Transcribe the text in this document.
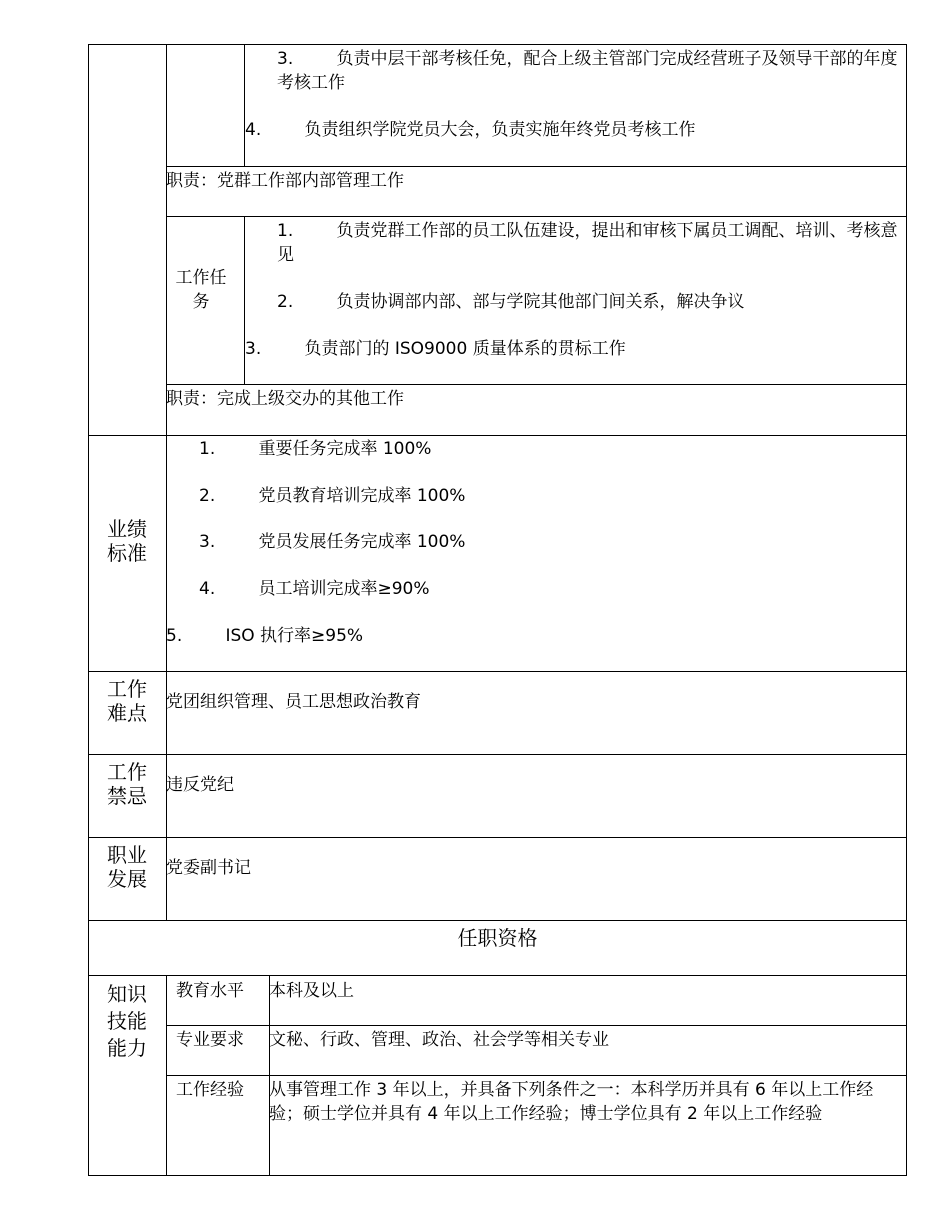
3.        负责中层干部考核任免，配合上级主管部门完成经营班子及领导干部的年度考核工作
4.        负责组织学院党员大会，负责实施年终党员考核工作
职责：党群工作部内部管理工作
工作任务
1.        负责党群工作部的员工队伍建设，提出和审核下属员工调配、培训、考核意见
2.        负责协调部内部、部与学院其他部门间关系，解决争议
3.        负责部门的 ISO9000 质量体系的贯标工作
职责：完成上级交办的其他工作
业绩标准
1.        重要任务完成率 100%
2.        党员教育培训完成率 100%
3.        党员发展任务完成率 100%
4.        员工培训完成率≥90%
5.        ISO 执行率≥95%
工作难点 党团组织管理、员工思想政治教育
工作禁忌 违反党纪
职业发展 党委副书记
任职资格
知识技能能力
教育水平 本科及以上
专业要求 文秘、行政、管理、政治、社会学等相关专业
工作经验 从事管理工作 3 年以上，并具备下列条件之一：本科学历并具有 6 年以上工作经验；硕士学位并具有 4 年以上工作经验；博士学位具有 2 年以上工作经验
